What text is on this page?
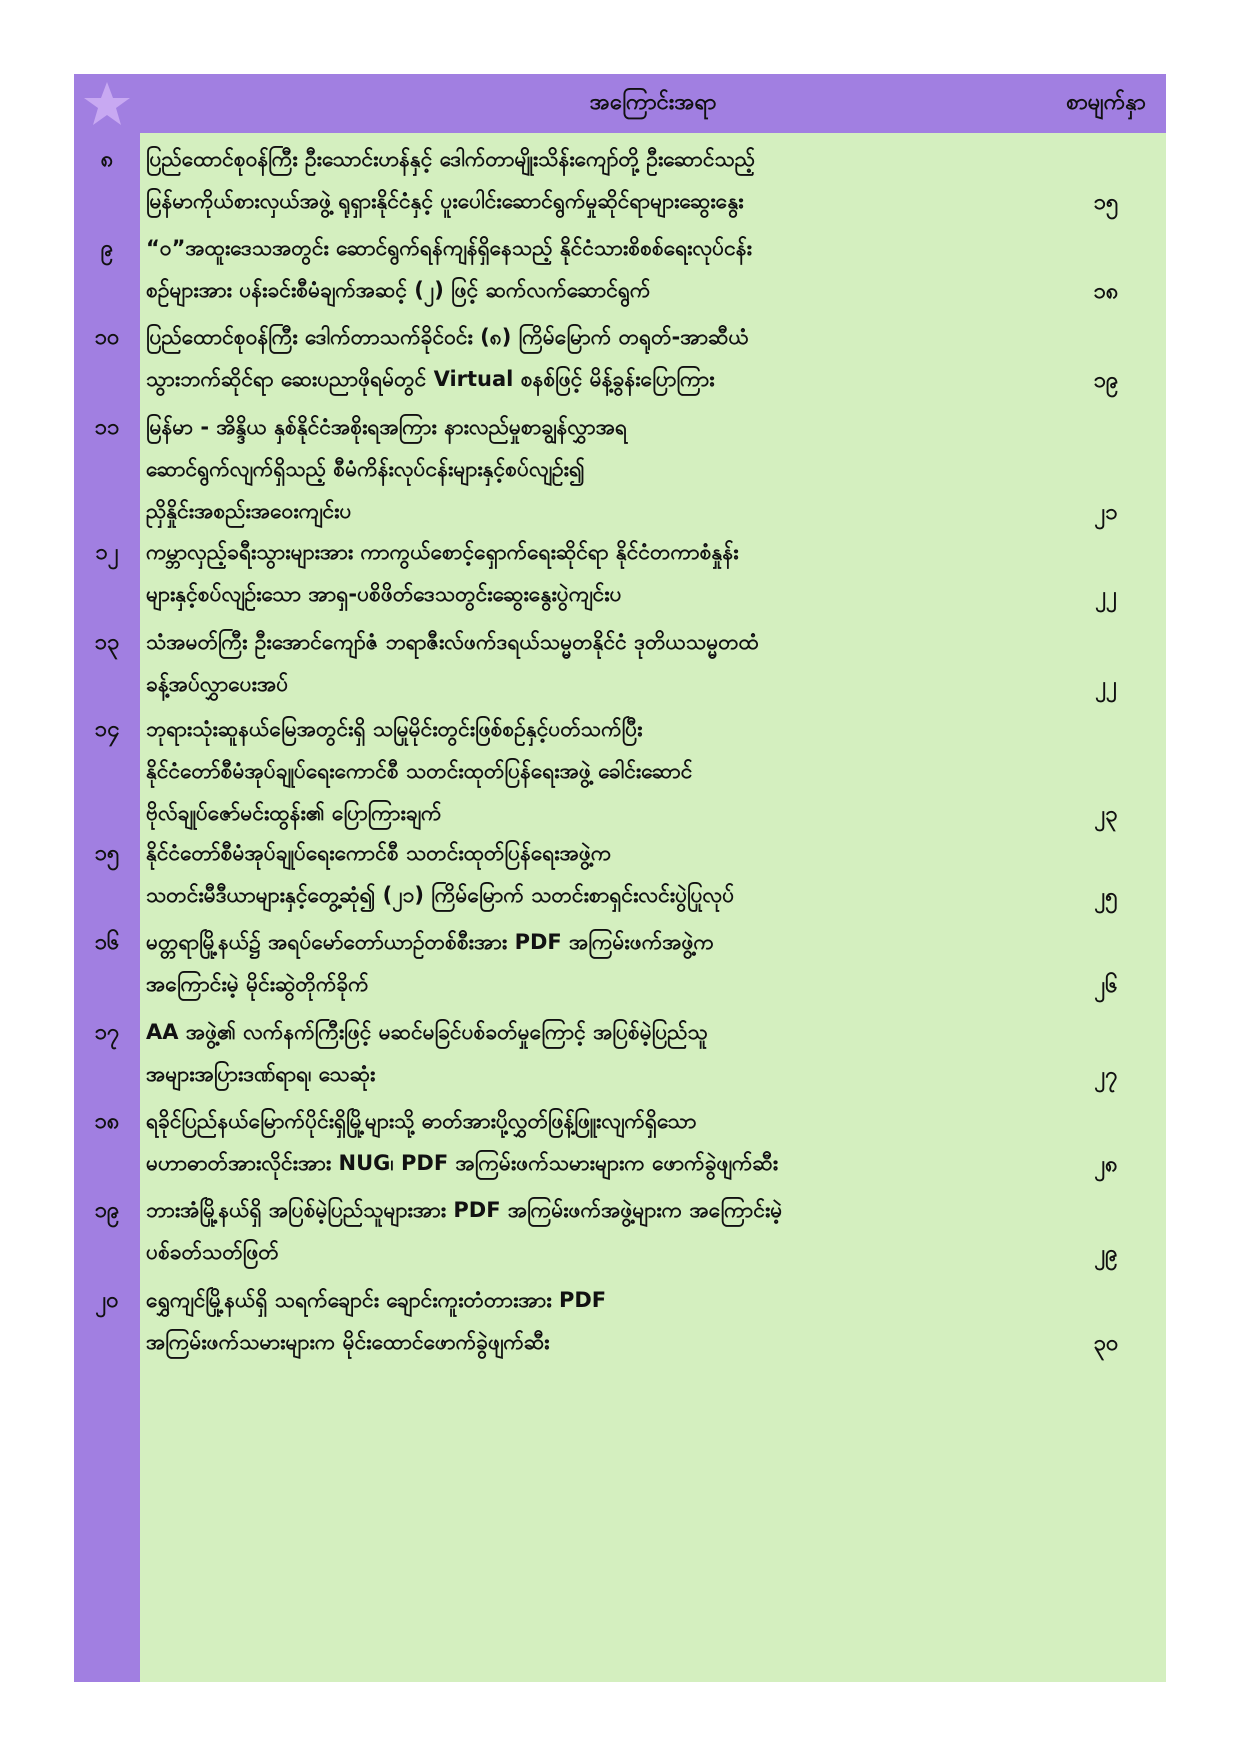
အကြောင်းအရာ	စာမျက်နှာ
၈	ပြည်ထောင်စုဝန်ကြီး ဦးသောင်းဟန်နှင့် ဒေါက်တာမျိုးသိန်းကျော်တို့ ဦးဆောင်သည့်
မြန်မာကိုယ်စားလှယ်အဖွဲ့ ရုရှားနိုင်ငံနှင့် ပူးပေါင်းဆောင်ရွက်မှုဆိုင်ရာများဆွေးနွေး	၁၅
၉	“ဝ”အထူးဒေသအတွင်း ဆောင်ရွက်ရန်ကျန်ရှိနေသည့် နိုင်ငံသားစိစစ်ရေးလုပ်ငန်း
စဉ်များအား ပန်းခင်းစီမံချက်အဆင့် (၂) ဖြင့် ဆက်လက်ဆောင်ရွက်	၁၈
၁၀	ပြည်ထောင်စုဝန်ကြီး ဒေါက်တာသက်ခိုင်ဝင်း (၈) ကြိမ်မြောက် တရုတ်-အာဆီယံ
သွားဘက်ဆိုင်ရာ ဆေးပညာဖိုရမ်တွင် Virtual စနစ်ဖြင့် မိန့်ခွန်းပြောကြား	၁၉
၁၁	မြန်မာ - အိန္ဒိယ နှစ်နိုင်ငံအစိုးရအကြား နားလည်မှုစာချွန်လွှာအရ
ဆောင်ရွက်လျက်ရှိသည့် စီမံကိန်းလုပ်ငန်းများနှင့်စပ်လျဉ်း၍
ညှိနှိုင်းအစည်းအဝေးကျင်းပ	၂၁
၁၂	ကမ္ဘာလှည့်ခရီးသွားများအား ကာကွယ်စောင့်ရှောက်ရေးဆိုင်ရာ နိုင်ငံတကာစံနှုန်း
များနှင့်စပ်လျဉ်းသော အာရှ-ပစိဖိတ်ဒေသတွင်းဆွေးနွေးပွဲကျင်းပ	၂၂
၁၃	သံအမတ်ကြီး ဦးအောင်ကျော်ဇံ ဘရာဇီးလ်ဖက်ဒရယ်သမ္မတနိုင်ငံ ဒုတိယသမ္မတထံ
ခန့်အပ်လွှာပေးအပ်	၂၂
၁၄	ဘုရားသုံးဆူနယ်မြေအတွင်းရှိ သမြုမိုင်းတွင်းဖြစ်စဉ်နှင့်ပတ်သက်ပြီး
နိုင်ငံတော်စီမံအုပ်ချုပ်ရေးကောင်စီ သတင်းထုတ်ပြန်ရေးအဖွဲ့ ခေါင်းဆောင်
ဗိုလ်ချုပ်ဇော်မင်းထွန်း၏ ပြောကြားချက်	၂၃
၁၅	နိုင်ငံတော်စီမံအုပ်ချုပ်ရေးကောင်စီ သတင်းထုတ်ပြန်ရေးအဖွဲ့က
သတင်းမီဒီယာများနှင့်တွေ့ဆုံ၍ (၂၁) ကြိမ်မြောက် သတင်းစာရှင်းလင်းပွဲပြုလုပ်	၂၅
၁၆	မတ္တရာမြို့နယ်၌ အရပ်မော်တော်ယာဉ်တစ်စီးအား PDF အကြမ်းဖက်အဖွဲ့က
အကြောင်းမဲ့ မိုင်းဆွဲတိုက်ခိုက်	၂၆
၁၇	AA အဖွဲ့၏ လက်နက်ကြီးဖြင့် မဆင်မခြင်ပစ်ခတ်မှုကြောင့် အပြစ်မဲ့ပြည်သူ
အများအပြားဒဏ်ရာရ၊ သေဆုံး	၂၇
၁၈	ရခိုင်ပြည်နယ်မြောက်ပိုင်းရှိမြို့များသို့ ဓာတ်အားပို့လွှတ်ဖြန့်ဖြူးလျက်ရှိသော
မဟာဓာတ်အားလိုင်းအား NUG၊ PDF အကြမ်းဖက်သမားများက ဖောက်ခွဲဖျက်ဆီး	၂၈
၁၉	ဘားအံမြို့နယ်ရှိ အပြစ်မဲ့ပြည်သူများအား PDF အကြမ်းဖက်အဖွဲ့များက အကြောင်းမဲ့
ပစ်ခတ်သတ်ဖြတ်	၂၉
၂၀	ရွှေကျင်မြို့နယ်ရှိ သရက်ချောင်း ချောင်းကူးတံတားအား PDF
အကြမ်းဖက်သမားများက မိုင်းထောင်ဖောက်ခွဲဖျက်ဆီး	၃၀
